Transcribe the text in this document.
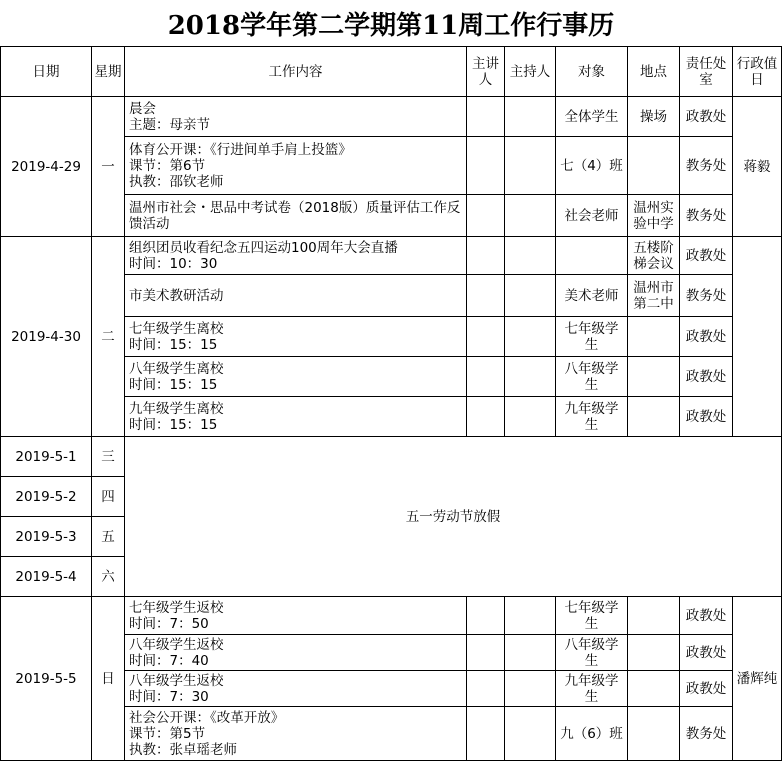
2018学年第二学期第11周工作行事历
日期	星期	工作内容	主讲人	主持人	对象	地点	责任处室	行政值日
2019-4-29	一	晨会
主题：母亲节			全体学生	操场	政教处	蒋毅

		体育公开课：《行进间单手肩上投篮》
课节：第6节
执教：邵钦老师			七（4）班		教务处	
		温州市社会・思品中考试卷（2018版）质量评估工作反馈活动			社会老师	温州实验中学	教务处	
2019-4-30	二	组织团员收看纪念五四运动100周年大会直播
时间：10：30				五楼阶梯会议	政教处	
		市美术教研活动			美术老师	温州市第二中	教务处	

		七年级学生离校
时间：15：15			七年级学生		政教处	

		八年级学生离校
时间：15：15			八年级学生		政教处	

		九年级学生离校
时间：15：15			九年级学生		政教处	
2019-5-1	三	五一劳动节放假						
2019-5-2	四							
2019-5-3	五							
2019-5-4	六							
2019-5-5	日	七年级学生返校
时间：7：50			七年级学生		政教处	潘辉纯

		八年级学生返校
时间：7：40			八年级学生		政教处	

		八年级学生返校
时间：7：30			九年级学生		政教处	

		社会公开课：《改革开放》
课节：第5节
执教：张卓瑶老师			九（6）班		教务处	
